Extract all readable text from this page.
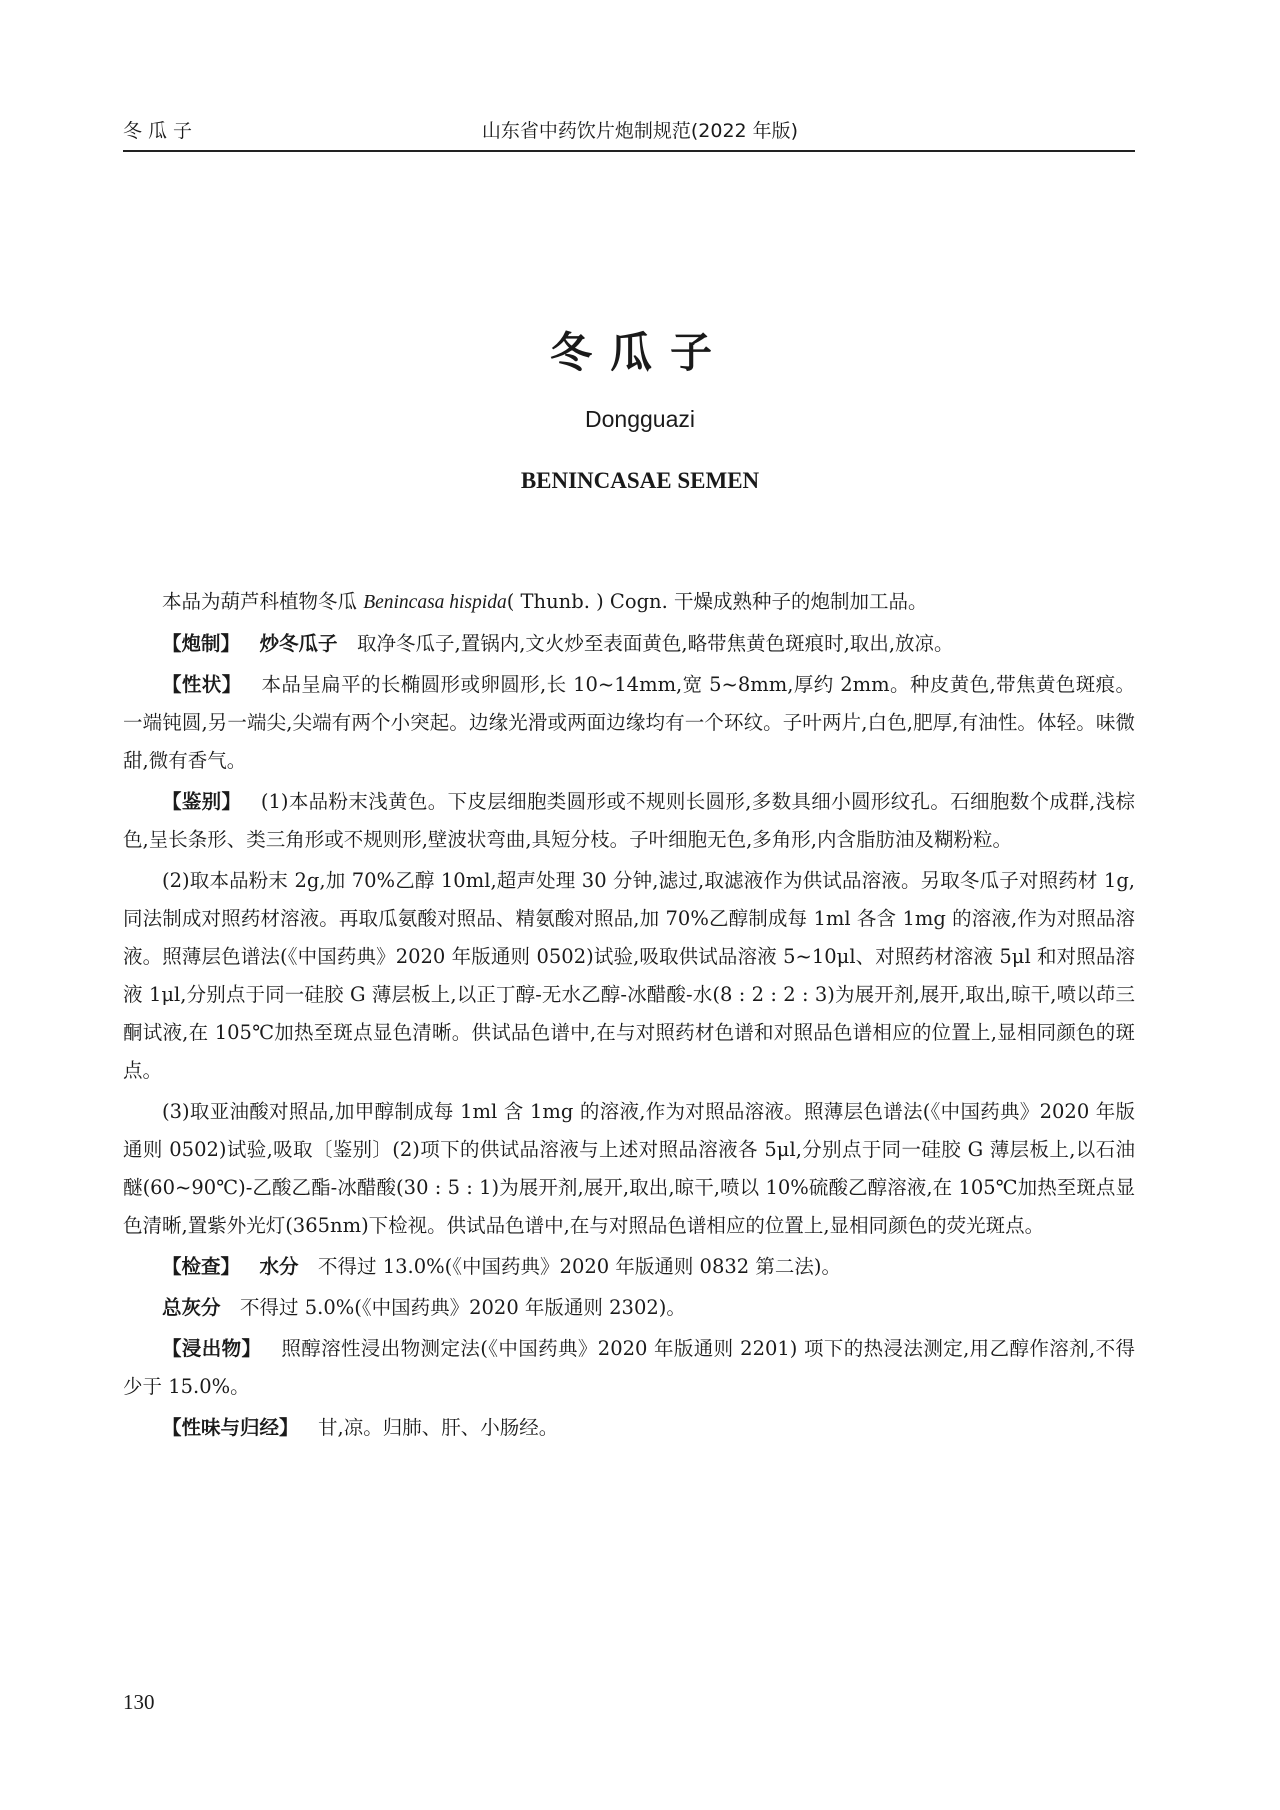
冬瓜子	山东省中药饮片炮制规范(2022 年版)
冬瓜子
Dongguazi
BENINCASAE SEMEN

本品为葫芦科植物冬瓜 Benincasa hispida( Thunb. ) Cogn. 干燥成熟种子的炮制加工品。

【炮制】 炒冬瓜子 取净冬瓜子,置锅内,文火炒至表面黄色,略带焦黄色斑痕时,取出,放凉。

【性状】 本品呈扁平的长椭圆形或卵圆形,长 10~14mm,宽 5~8mm,厚约 2mm。种皮黄色,带焦黄色斑痕。一端钝圆,另一端尖,尖端有两个小突起。边缘光滑或两面边缘均有一个环纹。子叶两片,白色,肥厚,有油性。体轻。味微甜,微有香气。

【鉴别】 (1)本品粉末浅黄色。下皮层细胞类圆形或不规则长圆形,多数具细小圆形纹孔。石细胞数个成群,浅棕色,呈长条形、类三角形或不规则形,壁波状弯曲,具短分枝。子叶细胞无色,多角形,内含脂肪油及糊粉粒。

(2)取本品粉末 2g,加 70%乙醇 10ml,超声处理 30 分钟,滤过,取滤液作为供试品溶液。另取冬瓜子对照药材 1g,同法制成对照药材溶液。再取瓜氨酸对照品、精氨酸对照品,加 70%乙醇制成每 1ml 各含 1mg 的溶液,作为对照品溶液。照薄层色谱法(《中国药典》2020 年版通则 0502)试验,吸取供试品溶液 5~10μl、对照药材溶液 5μl 和对照品溶液 1μl,分别点于同一硅胶 G 薄层板上,以正丁醇-无水乙醇-冰醋酸-水(8 : 2 : 2 : 3)为展开剂,展开,取出,晾干,喷以茚三酮试液,在 105℃加热至斑点显色清晰。供试品色谱中,在与对照药材色谱和对照品色谱相应的位置上,显相同颜色的斑点。

(3)取亚油酸对照品,加甲醇制成每 1ml 含 1mg 的溶液,作为对照品溶液。照薄层色谱法(《中国药典》2020 年版通则 0502)试验,吸取〔鉴别〕(2)项下的供试品溶液与上述对照品溶液各 5μl,分别点于同一硅胶 G 薄层板上,以石油醚(60~90℃)-乙酸乙酯-冰醋酸(30 : 5 : 1)为展开剂,展开,取出,晾干,喷以 10%硫酸乙醇溶液,在 105℃加热至斑点显色清晰,置紫外光灯(365nm)下检视。供试品色谱中,在与对照品色谱相应的位置上,显相同颜色的荧光斑点。

【检查】 水分 不得过 13.0%(《中国药典》2020 年版通则 0832 第二法)。

总灰分 不得过 5.0%(《中国药典》2020 年版通则 2302)。

【浸出物】 照醇溶性浸出物测定法(《中国药典》2020 年版通则 2201) 项下的热浸法测定,用乙醇作溶剂,不得少于 15.0%。

【性味与归经】 甘,凉。归肺、肝、小肠经。

130
